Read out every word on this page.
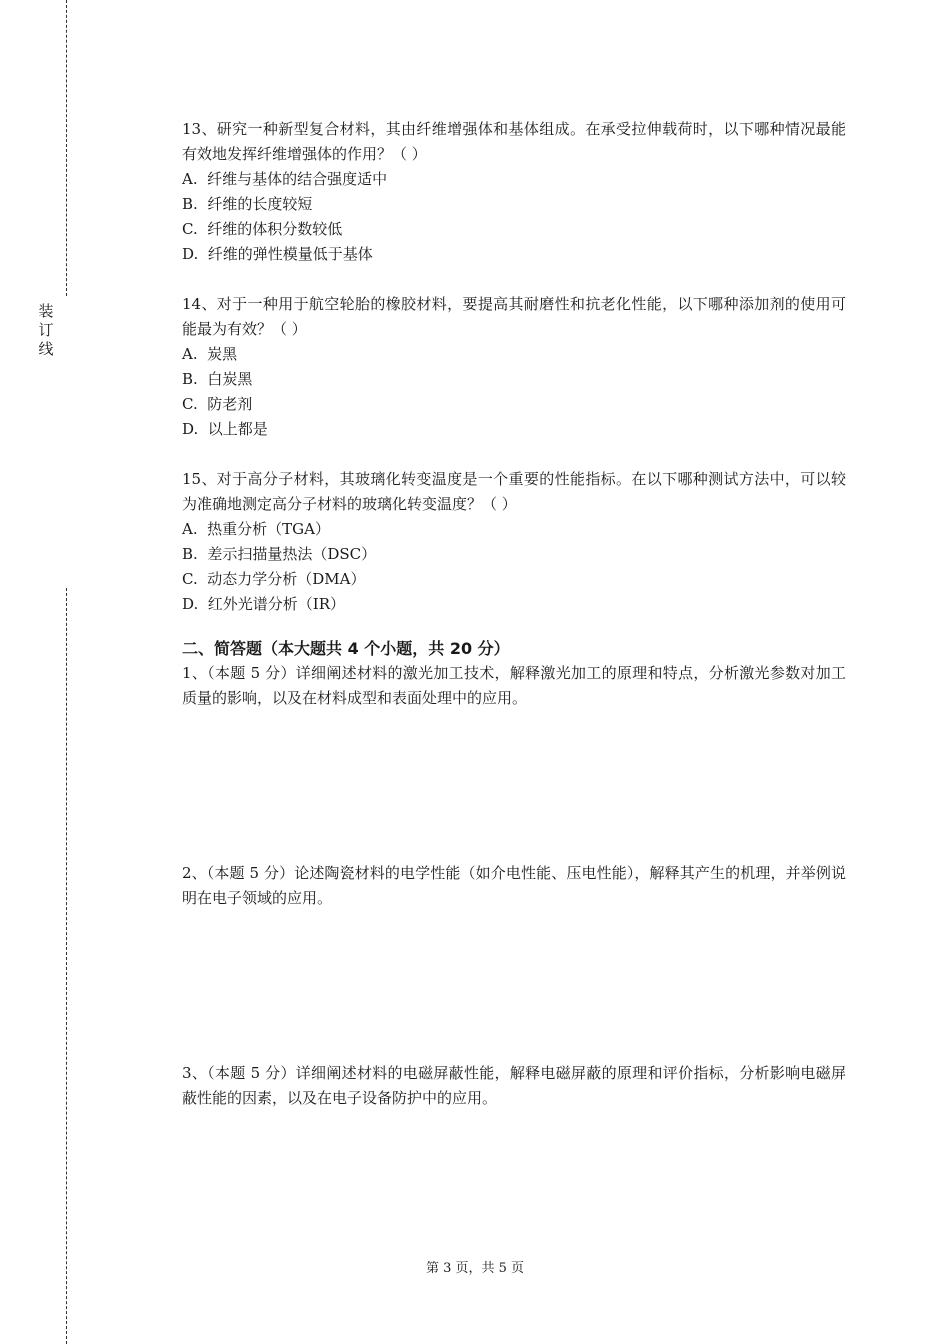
装
订
线
13、研究一种新型复合材料，其由纤维增强体和基体组成。在承受拉伸载荷时，以下哪种情况最能有效地发挥纤维增强体的作用？（ ）
A.  纤维与基体的结合强度适中
B.  纤维的长度较短
C.  纤维的体积分数较低
D.  纤维的弹性模量低于基体
14、对于一种用于航空轮胎的橡胶材料，要提高其耐磨性和抗老化性能，以下哪种添加剂的使用可能最为有效？（ ）
A.  炭黑
B.  白炭黑
C.  防老剂
D.  以上都是
15、对于高分子材料，其玻璃化转变温度是一个重要的性能指标。在以下哪种测试方法中，可以较为准确地测定高分子材料的玻璃化转变温度？（ ）
A.  热重分析（TGA）
B.  差示扫描量热法（DSC）
C.  动态力学分析（DMA）
D.  红外光谱分析（IR）
二、简答题（本大题共 4 个小题，共 20 分）
1、（本题 5 分）详细阐述材料的激光加工技术，解释激光加工的原理和特点，分析激光参数对加工质量的影响，以及在材料成型和表面处理中的应用。
2、（本题 5 分）论述陶瓷材料的电学性能（如介电性能、压电性能），解释其产生的机理，并举例说明在电子领域的应用。
3、（本题 5 分）详细阐述材料的电磁屏蔽性能，解释电磁屏蔽的原理和评价指标，分析影响电磁屏蔽性能的因素，以及在电子设备防护中的应用。
第 3 页，共 5 页
